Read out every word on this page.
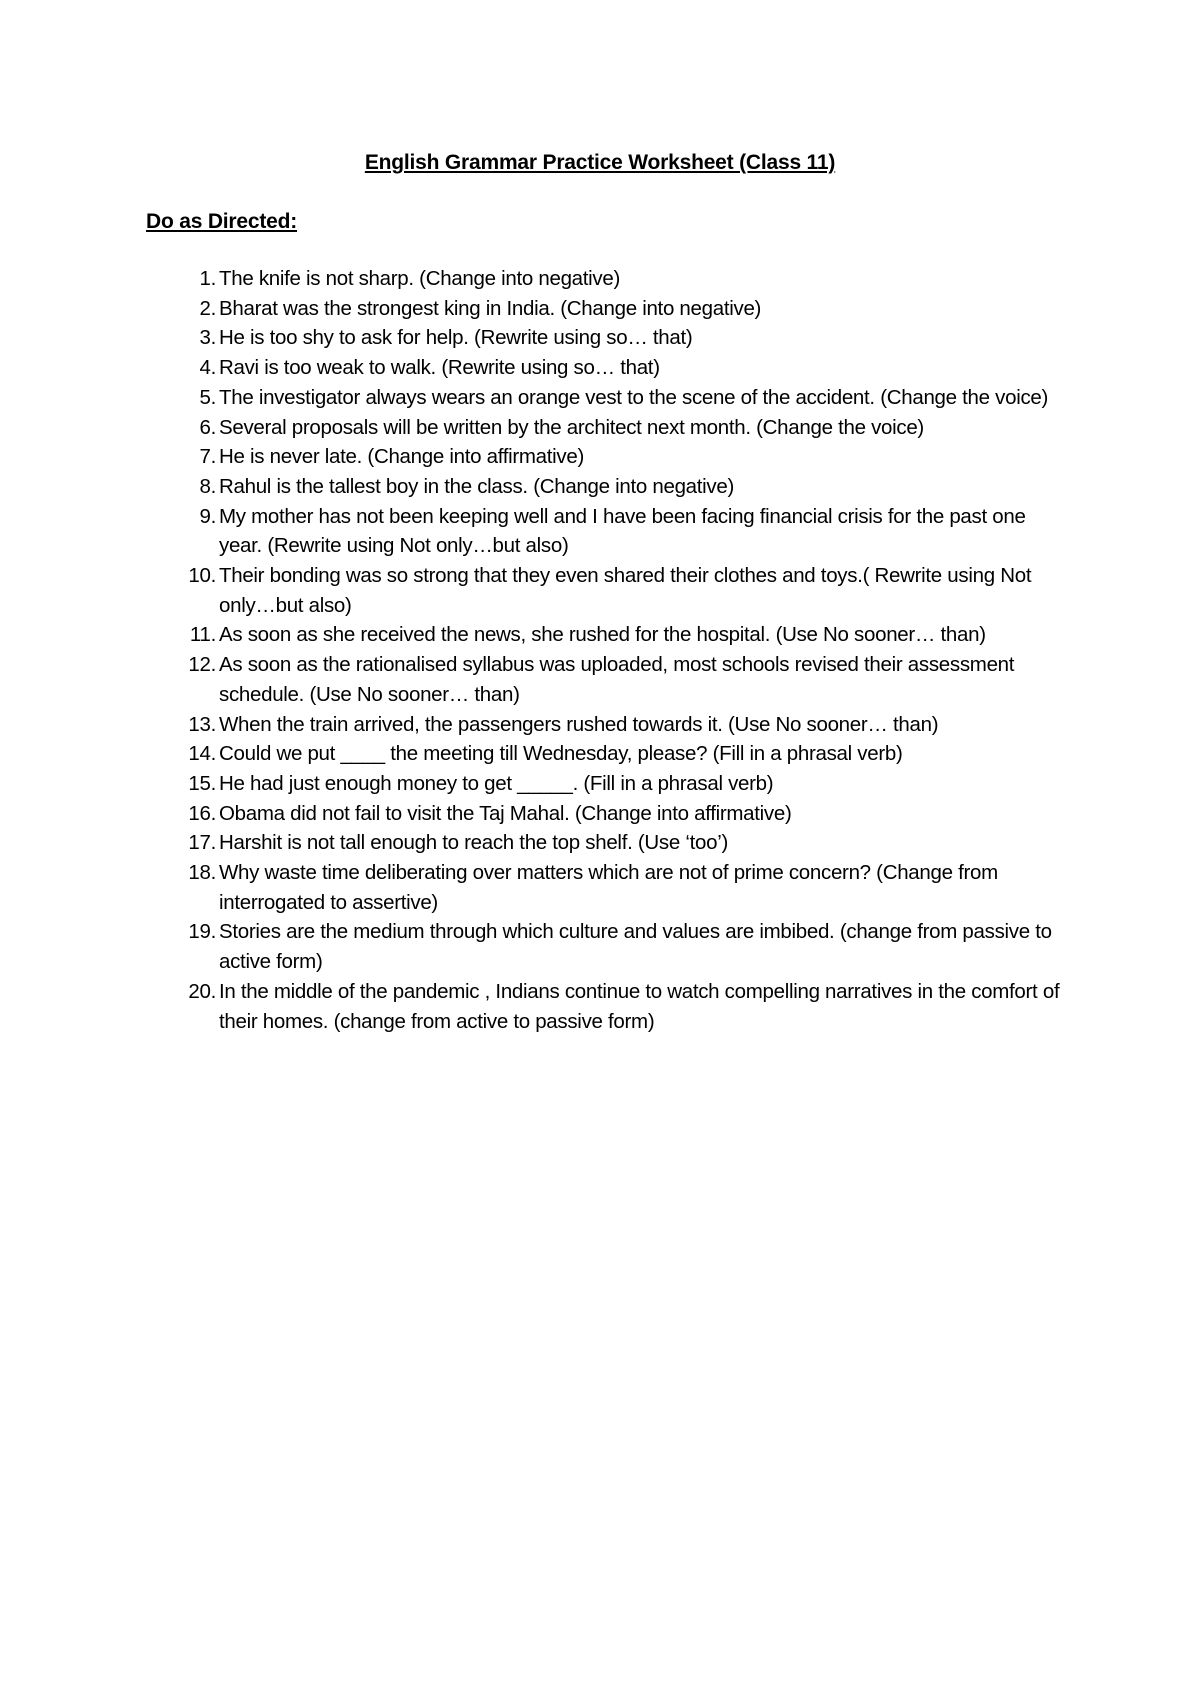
English Grammar Practice Worksheet (Class 11)
Do as Directed:
1. The knife is not sharp. (Change into negative)
2. Bharat was the strongest king in India. (Change into negative)
3. He is too shy to ask for help. (Rewrite using so… that)
4. Ravi is too weak to walk. (Rewrite using so… that)
5. The investigator always wears an orange vest to the scene of the accident. (Change the voice)
6. Several proposals will be written by the architect next month. (Change the voice)
7. He is never late. (Change into affirmative)
8. Rahul is the tallest boy in the class. (Change into negative)
9. My mother has not been keeping well and I have been facing financial crisis for the past one year. (Rewrite using Not only…but also)
10. Their bonding was so strong that they even shared their clothes and toys.( Rewrite using Not only…but also)
11. As soon as she received the news, she rushed for the hospital. (Use No sooner… than)
12. As soon as the rationalised syllabus was uploaded, most schools revised their assessment schedule. (Use No sooner… than)
13. When the train arrived, the passengers rushed towards it. (Use No sooner… than)
14. Could we put ____ the meeting till Wednesday, please? (Fill in a phrasal verb)
15. He had just enough money to get _____. (Fill in a phrasal verb)
16. Obama did not fail to visit the Taj Mahal. (Change into affirmative)
17. Harshit is not tall enough to reach the top shelf. (Use ‘too’)
18. Why waste time deliberating over matters which are not of prime concern? (Change from interrogated to assertive)
19. Stories are the medium through which culture and values are imbibed. (change from passive to active form)
20. In the middle of the pandemic , Indians continue to watch compelling narratives in the comfort of their homes. (change from active to passive form)
